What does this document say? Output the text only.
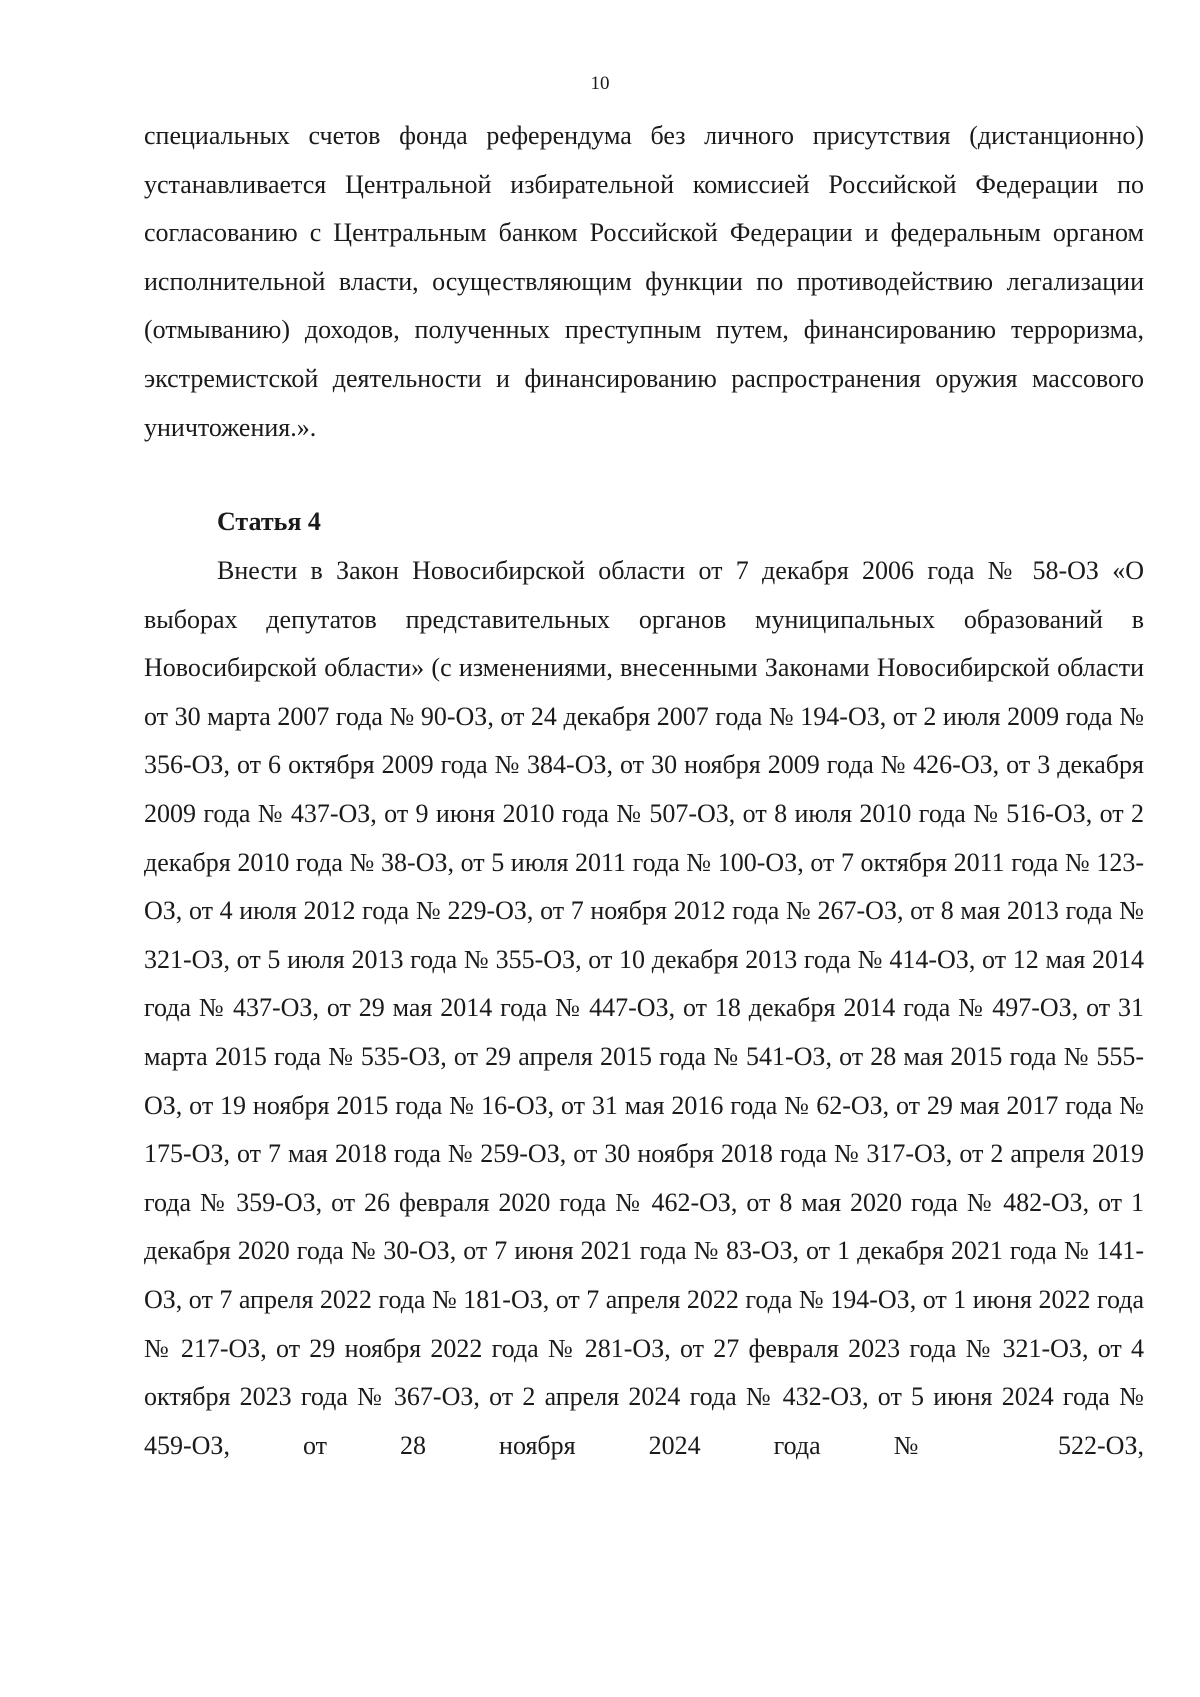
10

специальных счетов фонда референдума без личного присутствия (дистанционно) устанавливается Центральной избирательной комиссией Российской Федерации по согласованию с Центральным банком Российской Федерации и федеральным органом исполнительной власти, осуществляющим функции по противодействию легализации (отмыванию) доходов, полученных преступным путем, финансированию терроризма, экстремистской деятельности и финансированию распространения оружия массового уничтожения.».

Статья 4

Внести в Закон Новосибирской области от 7 декабря 2006 года № 58-ОЗ «О выборах депутатов представительных органов муниципальных образований в Новосибирской области» (с изменениями, внесенными Законами Новосибирской области от 30 марта 2007 года № 90-ОЗ, от 24 декабря 2007 года № 194-ОЗ, от 2 июля 2009 года № 356-ОЗ, от 6 октября 2009 года № 384-ОЗ, от 30 ноября 2009 года № 426-ОЗ, от 3 декабря 2009 года № 437-ОЗ, от 9 июня 2010 года № 507-ОЗ, от 8 июля 2010 года № 516-ОЗ, от 2 декабря 2010 года № 38-ОЗ, от 5 июля 2011 года № 100-ОЗ, от 7 октября 2011 года № 123-ОЗ, от 4 июля 2012 года № 229-ОЗ, от 7 ноября 2012 года № 267-ОЗ, от 8 мая 2013 года № 321-ОЗ, от 5 июля 2013 года № 355-ОЗ, от 10 декабря 2013 года № 414-ОЗ, от 12 мая 2014 года № 437-ОЗ, от 29 мая 2014 года № 447-ОЗ, от 18 декабря 2014 года № 497-ОЗ, от 31 марта 2015 года № 535-ОЗ, от 29 апреля 2015 года № 541-ОЗ, от 28 мая 2015 года № 555-ОЗ, от 19 ноября 2015 года № 16-ОЗ, от 31 мая 2016 года № 62-ОЗ, от 29 мая 2017 года № 175-ОЗ, от 7 мая 2018 года № 259-ОЗ, от 30 ноября 2018 года № 317-ОЗ, от 2 апреля 2019 года № 359-ОЗ, от 26 февраля 2020 года № 462-ОЗ, от 8 мая 2020 года № 482-ОЗ, от 1 декабря 2020 года № 30-ОЗ, от 7 июня 2021 года № 83-ОЗ, от 1 декабря 2021 года № 141-ОЗ, от 7 апреля 2022 года № 181-ОЗ, от 7 апреля 2022 года № 194-ОЗ, от 1 июня 2022 года № 217-ОЗ, от 29 ноября 2022 года № 281-ОЗ, от 27 февраля 2023 года № 321-ОЗ, от 4 октября 2023 года № 367-ОЗ, от 2 апреля 2024 года № 432-ОЗ, от 5 июня 2024 года № 459-ОЗ, от 28 ноября 2024 года № 522-ОЗ,
